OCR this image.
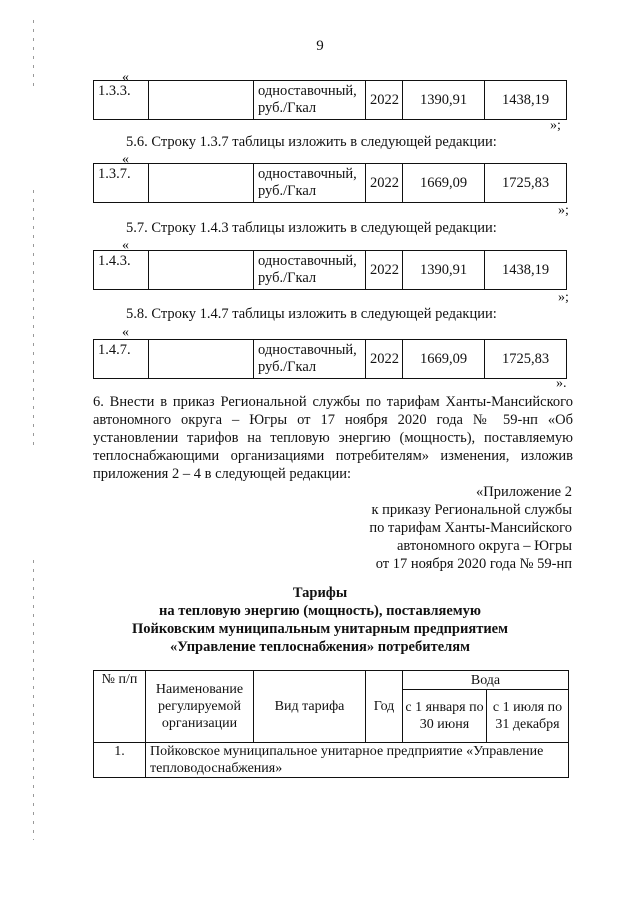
9
«
1.3.3.		одноставочный, руб./Гкал	2022	1390,91	1438,19
»;
5.6. Строку 1.3.7 таблицы изложить в следующей редакции:
«
1.3.7.		одноставочный, руб./Гкал	2022	1669,09	1725,83
»;
5.7. Строку 1.4.3 таблицы изложить в следующей редакции:
«
1.4.3.		одноставочный, руб./Гкал	2022	1390,91	1438,19
»;
5.8. Строку 1.4.7 таблицы изложить в следующей редакции:
«
1.4.7.		одноставочный, руб./Гкал	2022	1669,09	1725,83
».
6. Внести в приказ Региональной службы по тарифам Ханты-Мансийского автономного округа – Югры от 17 ноября 2020 года № 59-нп «Об установлении тарифов на тепловую энергию (мощность), поставляемую теплоснабжающими организациями потребителям» изменения, изложив приложения 2 – 4 в следующей редакции:
«Приложение 2
к приказу Региональной службы
по тарифам Ханты-Мансийского
автономного округа – Югры
от 17 ноября 2020 года № 59-нп
Тарифы
на тепловую энергию (мощность), поставляемую
Пойковским муниципальным унитарным предприятием
«Управление теплоснабжения» потребителям
№ п/п	Наименование регулируемой организации	Вид тарифа	Год	Вода	
				с 1 января по 30 июня	с 1 июля по 31 декабря
1.	Пойковское муниципальное унитарное предприятие «Управление тепловодоснабжения»				
